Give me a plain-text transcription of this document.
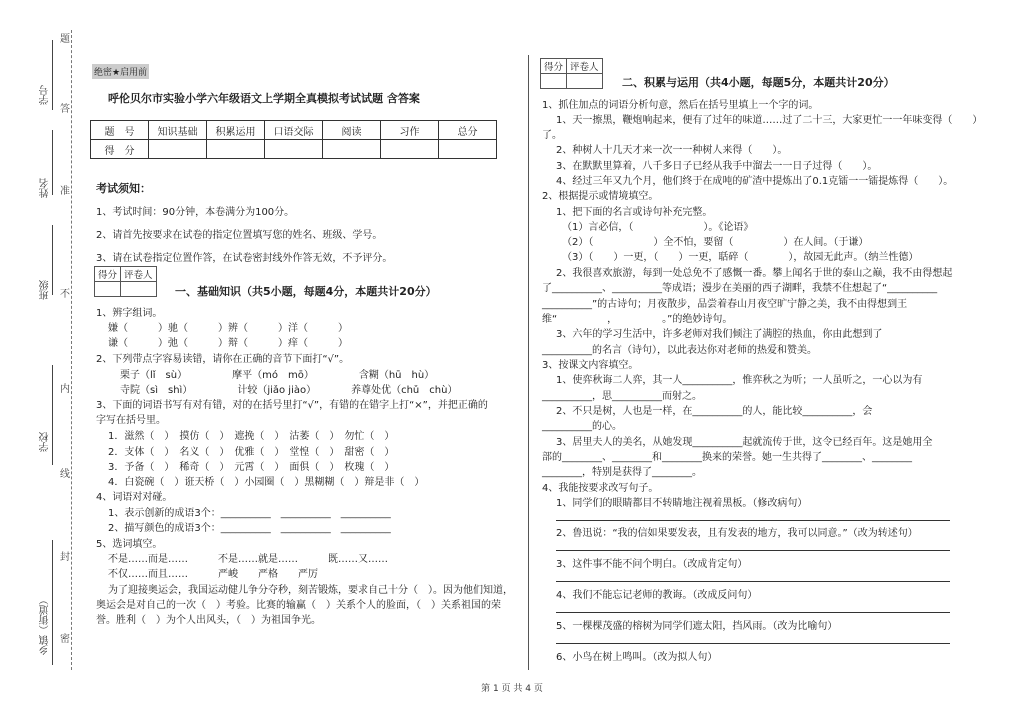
题
学号
答
姓名 准
班级 不
内
学校
线
封
乡镇（街道） 密
绝密★启用前
呼伦贝尔市实验小学六年级语文上学期全真模拟考试试题 含答案
题　号	知识基础	积累运用	口语交际	阅读	习作	总分
得　分						
考试须知：
1、考试时间：90分钟，本卷满分为100分。
2、请首先按要求在试卷的指定位置填写您的姓名、班级、学号。
3、请在试卷指定位置作答，在试卷密封线外作答无效，不予评分。
得分	评卷人

一、基础知识（共5小题，每题4分，本题共计20分）
1、辨字组词。
嫌（　　　）驰（　　　）辨（　　　）洋（　　　）
谦（　　　）弛（　　　）辩（　　　）痒（　　　）
2、下列带点字容易读错，请你在正确的音节下面打“√”。
栗子（lǐ　sù）　　　　　摩平（mó　mō）　　　　　含糊（hū　hù）
寺院（sì　shì）　　　　　计较（jiǎo jiào）　　　　养尊处优（chǔ　chù）
3、下面的词语书写有对有错，对的在括号里打“√”，有错的在错字上打“×”，并把正确的
字写在括号里。
1．滋然（　）　摸仿（　）　遮挽（　）　沽萎（　）　勿忙（　）
2．支体（　）　名义（　）　优雅（　）　堂惶（　）　甜密（　）
3．予备（　）　稀奇（　）　元霄（　）　面俱（　）　枚瑰（　）
4．白瓷碗（　）诳天桥（　）小园圈（　）黑糊糊（　）辩是非（　）
4、词语对对碰。
1、表示创新的成语3个：__________　__________　__________
2、描写颜色的成语3个：__________　__________　__________
5、选词填空。
不是……而是……　　　不是……就是……　　　既……又……
不仅……而且……　　　严峻　　严格　　严厉
为了迎接奥运会，我国运动健儿争分夺秒，刻苦锻炼，要求自己十分（　）。因为他们知道，
奥运会是对自己的一次（　）考验。比赛的输赢（　）关系个人的脸面，（　）关系祖国的荣
誉。胜利（　）为个人出风头，（　）为祖国争光。
得分	评卷人

二、积累与运用（共4小题，每题5分，本题共计20分）
1、抓住加点的词语分析句意，然后在括号里填上一个字的词。
1、天一擦黑，鞭炮响起来，便有了过年的味道……过了二十三，大家更忙一一年味变得（　　）
了。
2、种树人十几天才来一次一一种树人来得（　　）。
3、在默默里算着，八千多日子已经从我手中溜去一一日子过得（　　）。
4、经过三年又九个月，他们终于在成吨的矿渣中提炼出了0.1克镭一一镭提炼得（　　）。
2、根据提示或情境填空。
1、把下面的名言或诗句补充完整。
（1）言必信，（　　　　　　　）。《论语》
（2）（　　　　　　）全不怕，要留（　　　　　）在人间。（于谦）
（3）（　　）一更，（　　）一更，聒碎（　　　　），故园无此声。（纳兰性德）
2、我很喜欢旅游，每到一处总免不了感慨一番。攀上闻名于世的泰山之巅，我不由得想起
了__________、__________等成语；漫步在美丽的西子湖畔，我禁不住想起了“__________
__________”的古诗句；月夜散步，品尝着春山月夜空旷宁静之美，我不由得想到王
维“　　　　　，　　　　　。”的绝妙诗句。
3、六年的学习生活中，许多老师对我们倾注了满腔的热血，你由此想到了
__________的名言（诗句），以此表达你对老师的热爱和赞美。
3、按课文内容填空。
1、使弈秋诲二人弈，其一人__________，惟弈秋之为听；一人虽听之，一心以为有
__________，思__________而射之。
2、不只是树，人也是一样，在__________的人，能比较__________，会
__________的心。
3、居里夫人的美名，从她发现__________起就流传于世，这令已经百年。这是她用全
部的________、________和________换来的荣誉。她一生共得了________、________
________，特别是获得了________。
4、我能按要求改写句子。
1、同学们的眼睛都目不转睛地注视着黑板。（修改病句）
2、鲁迅说：“我的信如果要发表，且有发表的地方，我可以同意。”（改为转述句）
3、这件事不能不问个明白。（改成肯定句）
4、我们不能忘记老师的教诲。（改成反问句）
5、一棵棵茂盛的榕树为同学们遮太阳，挡风雨。（改为比喻句）
6、小鸟在树上鸣叫。（改为拟人句）
第 1 页 共 4 页
